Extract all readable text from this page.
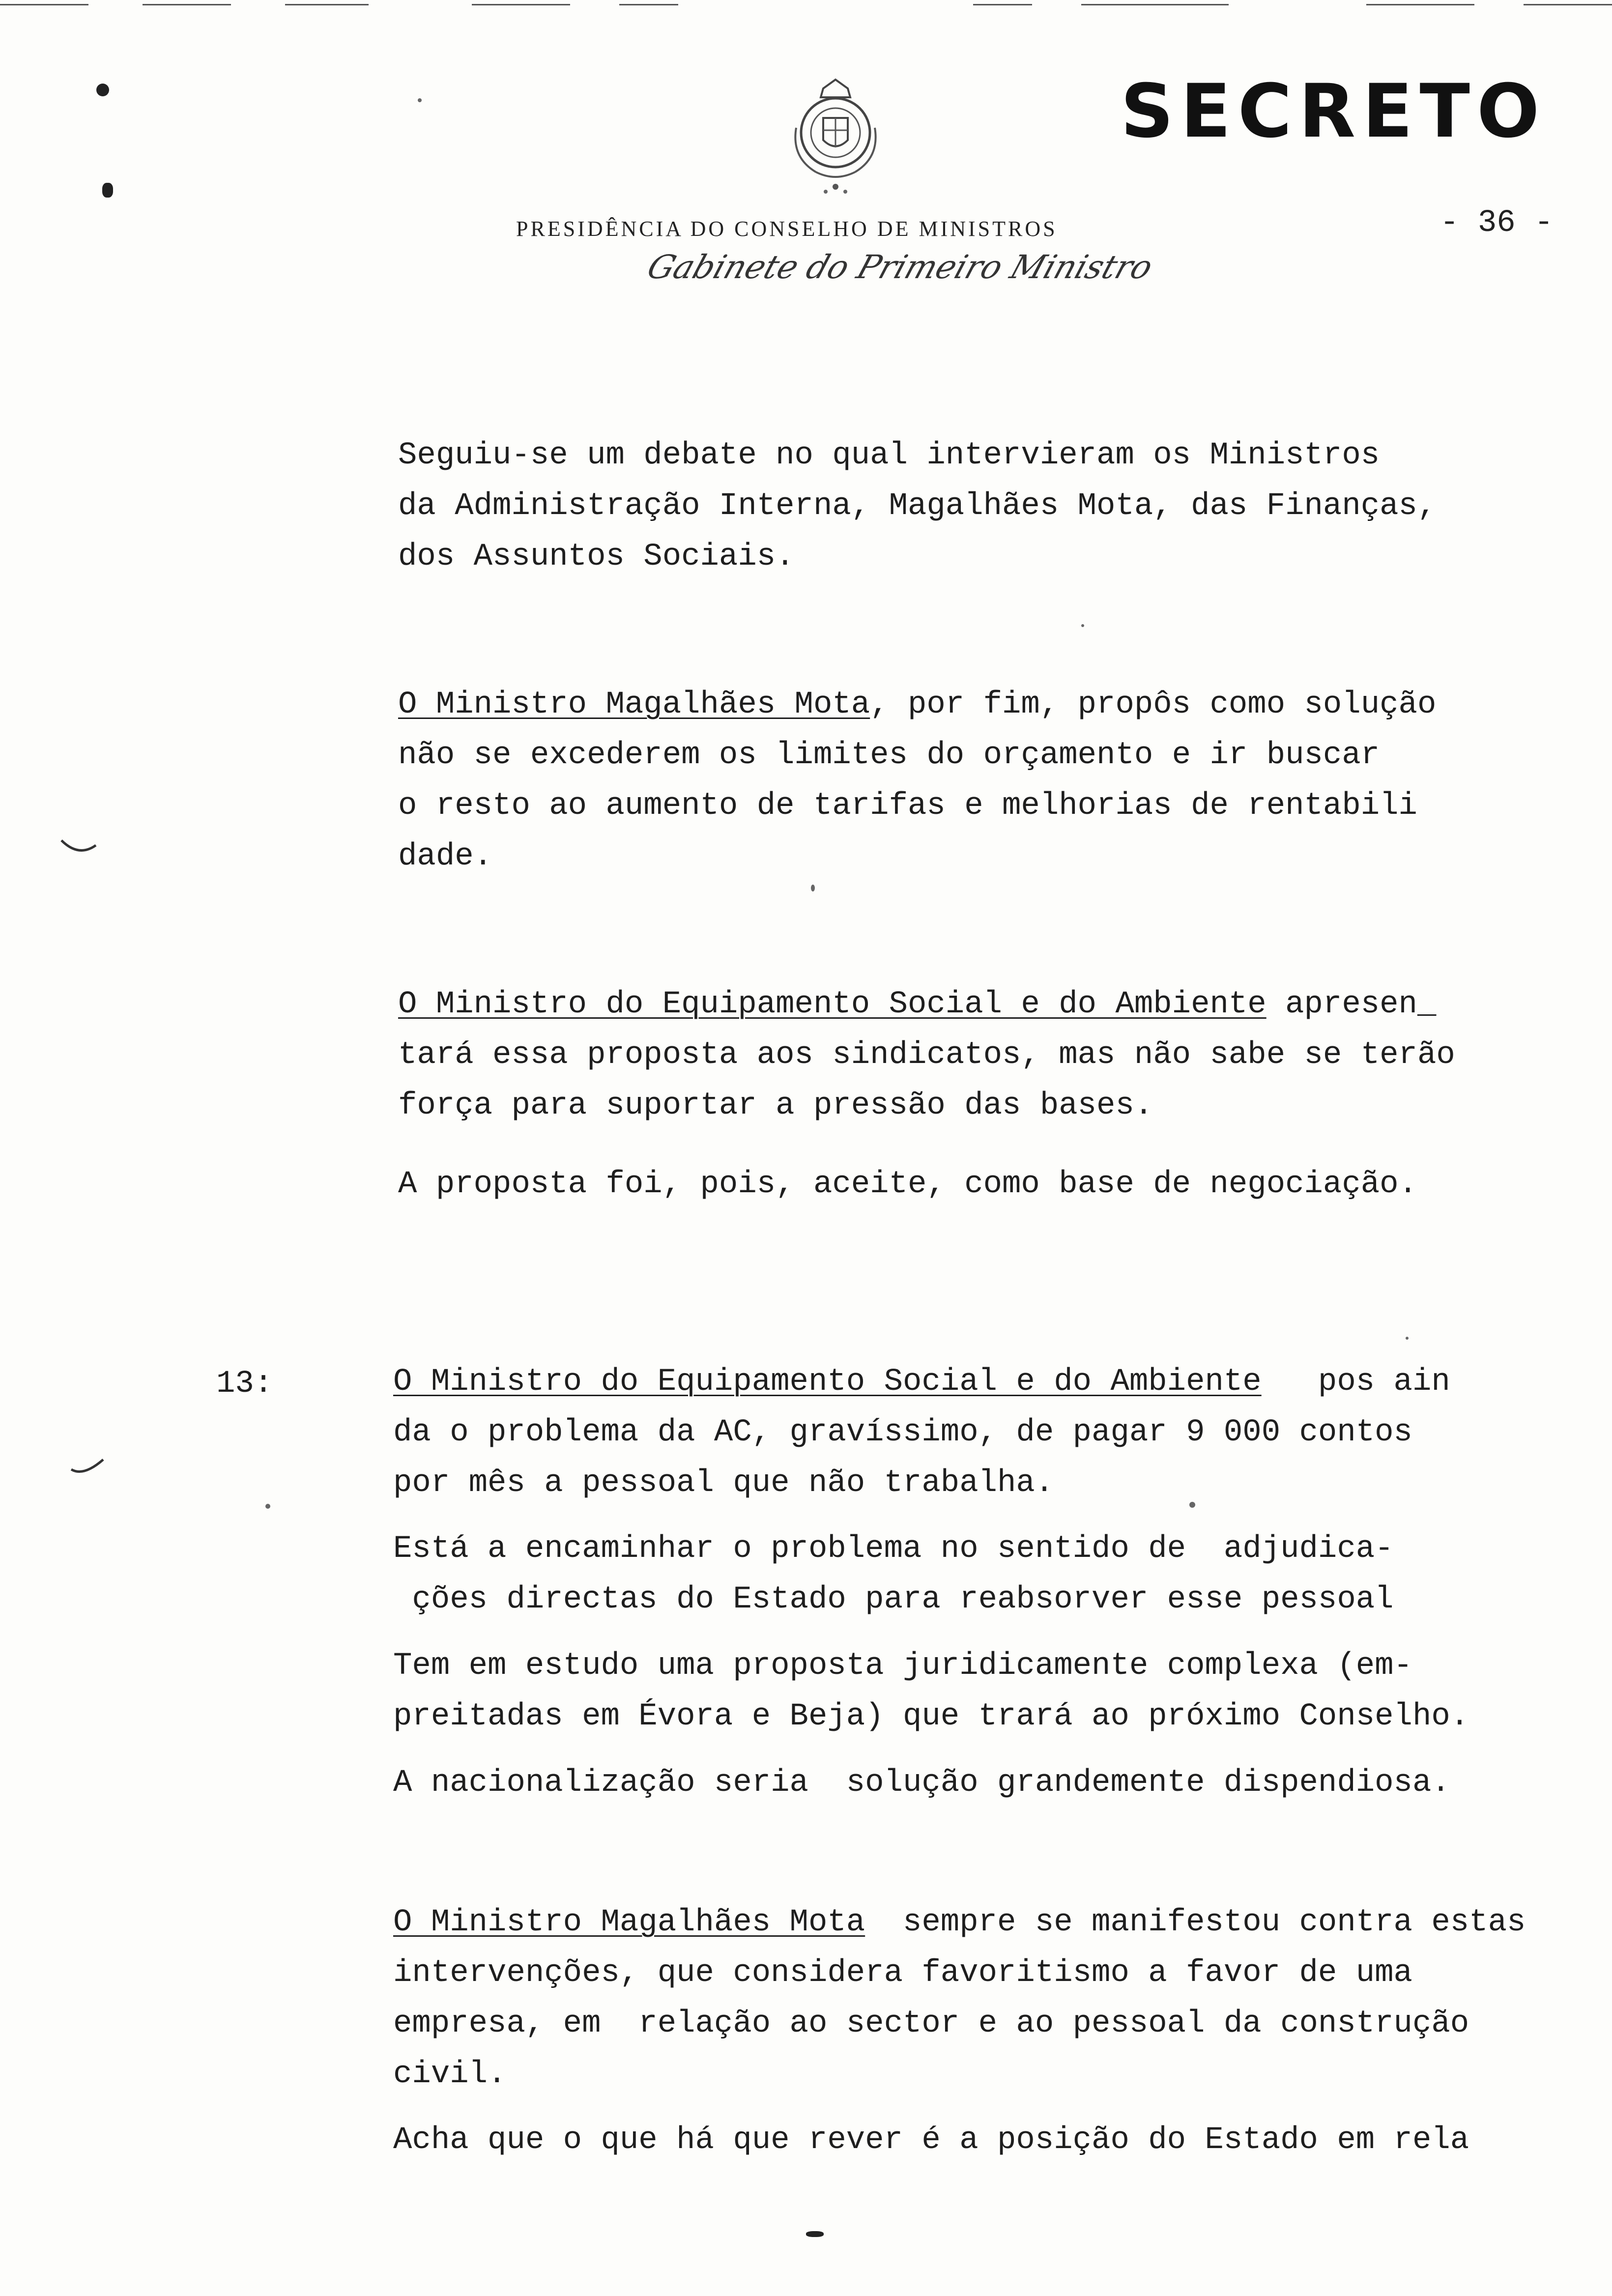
SECRETO
PRESIDÊNCIA DO CONSELHO DE MINISTROS	- 36 -
Gabinete do Primeiro Ministro
Seguiu-se um debate no qual intervieram os Ministros
da Administração Interna, Magalhães Mota, das Finanças,
dos Assuntos Sociais.
O Ministro Magalhães Mota, por fim, propôs como solução
não se excederem os limites do orçamento e ir buscar
o resto ao aumento de tarifas e melhorias de rentabili
dade.
O Ministro do Equipamento Social e do Ambiente apresen_
tará essa proposta aos sindicatos, mas não sabe se terão
força para suportar a pressão das bases.
A proposta foi, pois, aceite, como base de negociação.
13:	O Ministro do Equipamento Social e do Ambiente   pos ain
da o problema da AC, gravíssimo, de pagar 9 000 contos
por mês a pessoal que não trabalha.
Está a encaminhar o problema no sentido de  adjudica-
ções directas do Estado para reabsorver esse pessoal
Tem em estudo uma proposta juridicamente complexa (em-
preitadas em Évora e Beja) que trará ao próximo Conselho.
A nacionalização seria  solução grandemente dispendiosa.
O Ministro Magalhães Mota  sempre se manifestou contra estas
intervenções, que considera favoritismo a favor de uma
empresa, em  relação ao sector e ao pessoal da construção
civil.
Acha que o que há que rever é a posição do Estado em rela
